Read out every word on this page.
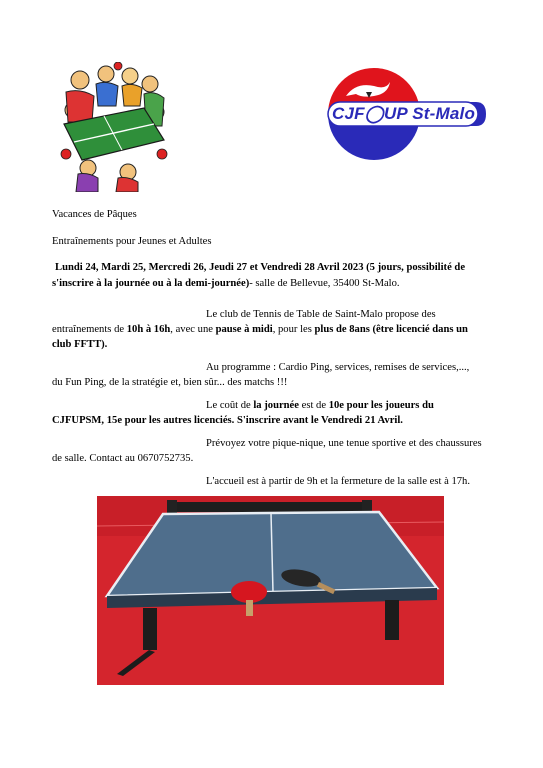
CJF◯UP St-Malo
Vacances de Pâques
Entraînements pour Jeunes et Adultes
Lundi 24, Mardi 25, Mercredi 26, Jeudi 27 et Vendredi 28 Avril 2023 (5 jours, possibilité de
s'inscrire à la journée ou à la demi-journée)- salle de Bellevue, 35400 St-Malo.
Le club de Tennis de Table de Saint-Malo propose des
entraînements de 10h à 16h, avec une pause à midi, pour les plus de 8ans (être licencié dans un
club FFTT).
Au programme : Cardio Ping, services, remises de services,...,
du Fun Ping, de la stratégie et, bien sûr... des matchs !!!
Le coût de la journée est de 10e pour les joueurs du
CJFUPSM, 15e pour les autres licenciés. S'inscrire avant le Vendredi 21 Avril.
Prévoyez votre pique-nique, une tenue sportive et des chaussures
de salle. Contact au 0670752735.
L'accueil est à partir de 9h et la fermeture de la salle est à 17h.
